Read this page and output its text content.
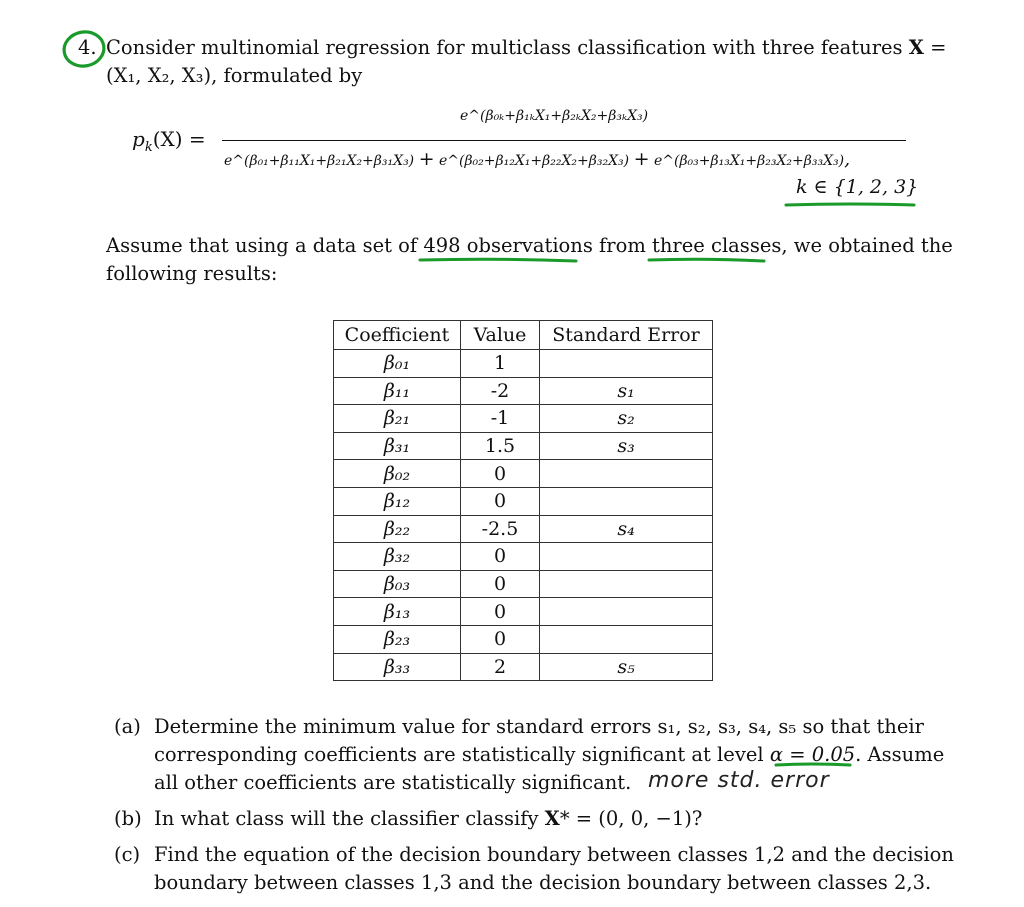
4. Consider multinomial regression for multiclass classification with three features X =
(X₁, X₂, X₃), formulated by
$p_k(X)$ =
e^(β₀ₖ+β₁ₖX₁+β₂ₖX₂+β₃ₖX₃)
e^(β₀₁+β₁₁X₁+β₂₁X₂+β₃₁X₃) + e^(β₀₂+β₁₂X₁+β₂₂X₂+β₃₂X₃) + e^(β₀₃+β₁₃X₁+β₂₃X₂+β₃₃X₃),
k ∈ {1, 2, 3}
Assume that using a data set of 498 observations from three classes, we obtained the following results:
Coefficient	Value	Standard Error
β₀₁	1	
β₁₁	-2	s₁
β₂₁	-1	s₂
β₃₁	1.5	s₃
β₀₂	0	
β₁₂	0	
β₂₂	-2.5	s₄
β₃₂	0	
β₀₃	0	
β₁₃	0	
β₂₃	0	
β₃₃	2	s₅
(a) Determine the minimum value for standard errors s₁, s₂, s₃, s₄, s₅ so that their corresponding coefficients are statistically significant at level α = 0.05. Assume all other coefficients are statistically significant.
(b) In what class will the classifier classify X* = (0, 0, −1)?
(c) Find the equation of the decision boundary between classes 1,2 and the decision boundary between classes 1,3 and the decision boundary between classes 2,3.
more std. error
